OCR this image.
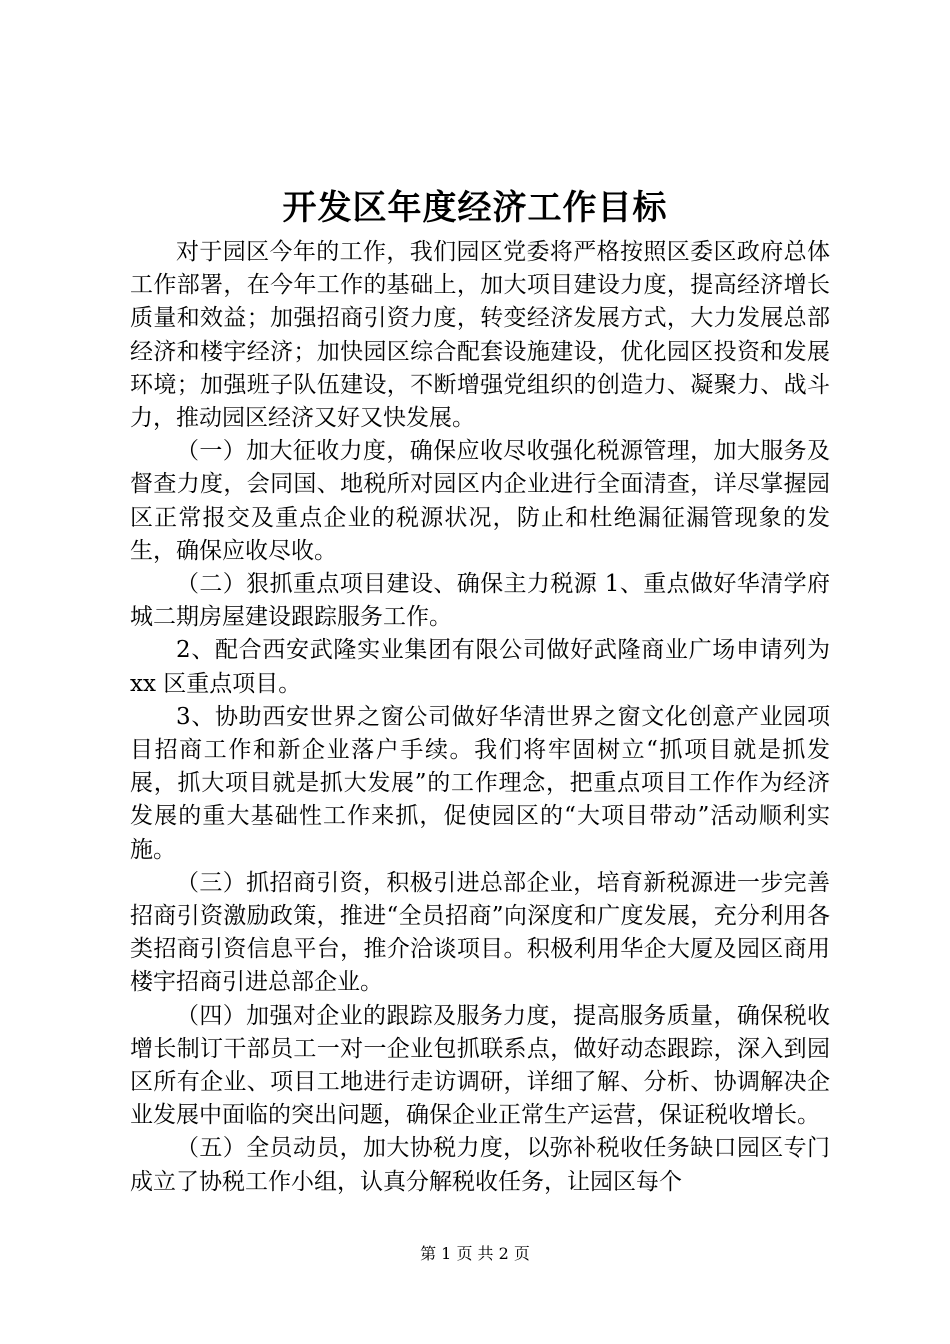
开发区年度经济工作目标

对于园区今年的工作，我们园区党委将严格按照区委区政府总体工作部署，在今年工作的基础上，加大项目建设力度，提高经济增长质量和效益；加强招商引资力度，转变经济发展方式，大力发展总部经济和楼宇经济；加快园区综合配套设施建设，优化园区投资和发展环境；加强班子队伍建设，不断增强党组织的创造力、凝聚力、战斗力，推动园区经济又好又快发展。

（一）加大征收力度，确保应收尽收强化税源管理，加大服务及督查力度，会同国、地税所对园区内企业进行全面清查，详尽掌握园区正常报交及重点企业的税源状况，防止和杜绝漏征漏管现象的发生，确保应收尽收。

（二）狠抓重点项目建设、确保主力税源 1、重点做好华清学府城二期房屋建设跟踪服务工作。

2、配合西安武隆实业集团有限公司做好武隆商业广场申请列为 xx 区重点项目。

3、协助西安世界之窗公司做好华清世界之窗文化创意产业园项目招商工作和新企业落户手续。我们将牢固树立“抓项目就是抓发展，抓大项目就是抓大发展”的工作理念，把重点项目工作作为经济发展的重大基础性工作来抓，促使园区的“大项目带动”活动顺利实施。

（三）抓招商引资，积极引进总部企业，培育新税源进一步完善招商引资激励政策，推进“全员招商”向深度和广度发展，充分利用各类招商引资信息平台，推介洽谈项目。积极利用华企大厦及园区商用楼宇招商引进总部企业。

（四）加强对企业的跟踪及服务力度，提高服务质量，确保税收增长制订干部员工一对一企业包抓联系点，做好动态跟踪，深入到园区所有企业、项目工地进行走访调研，详细了解、分析、协调解决企业发展中面临的突出问题，确保企业正常生产运营，保证税收增长。

（五）全员动员，加大协税力度，以弥补税收任务缺口园区专门成立了协税工作小组，认真分解税收任务，让园区每个

第 1 页 共 2 页
